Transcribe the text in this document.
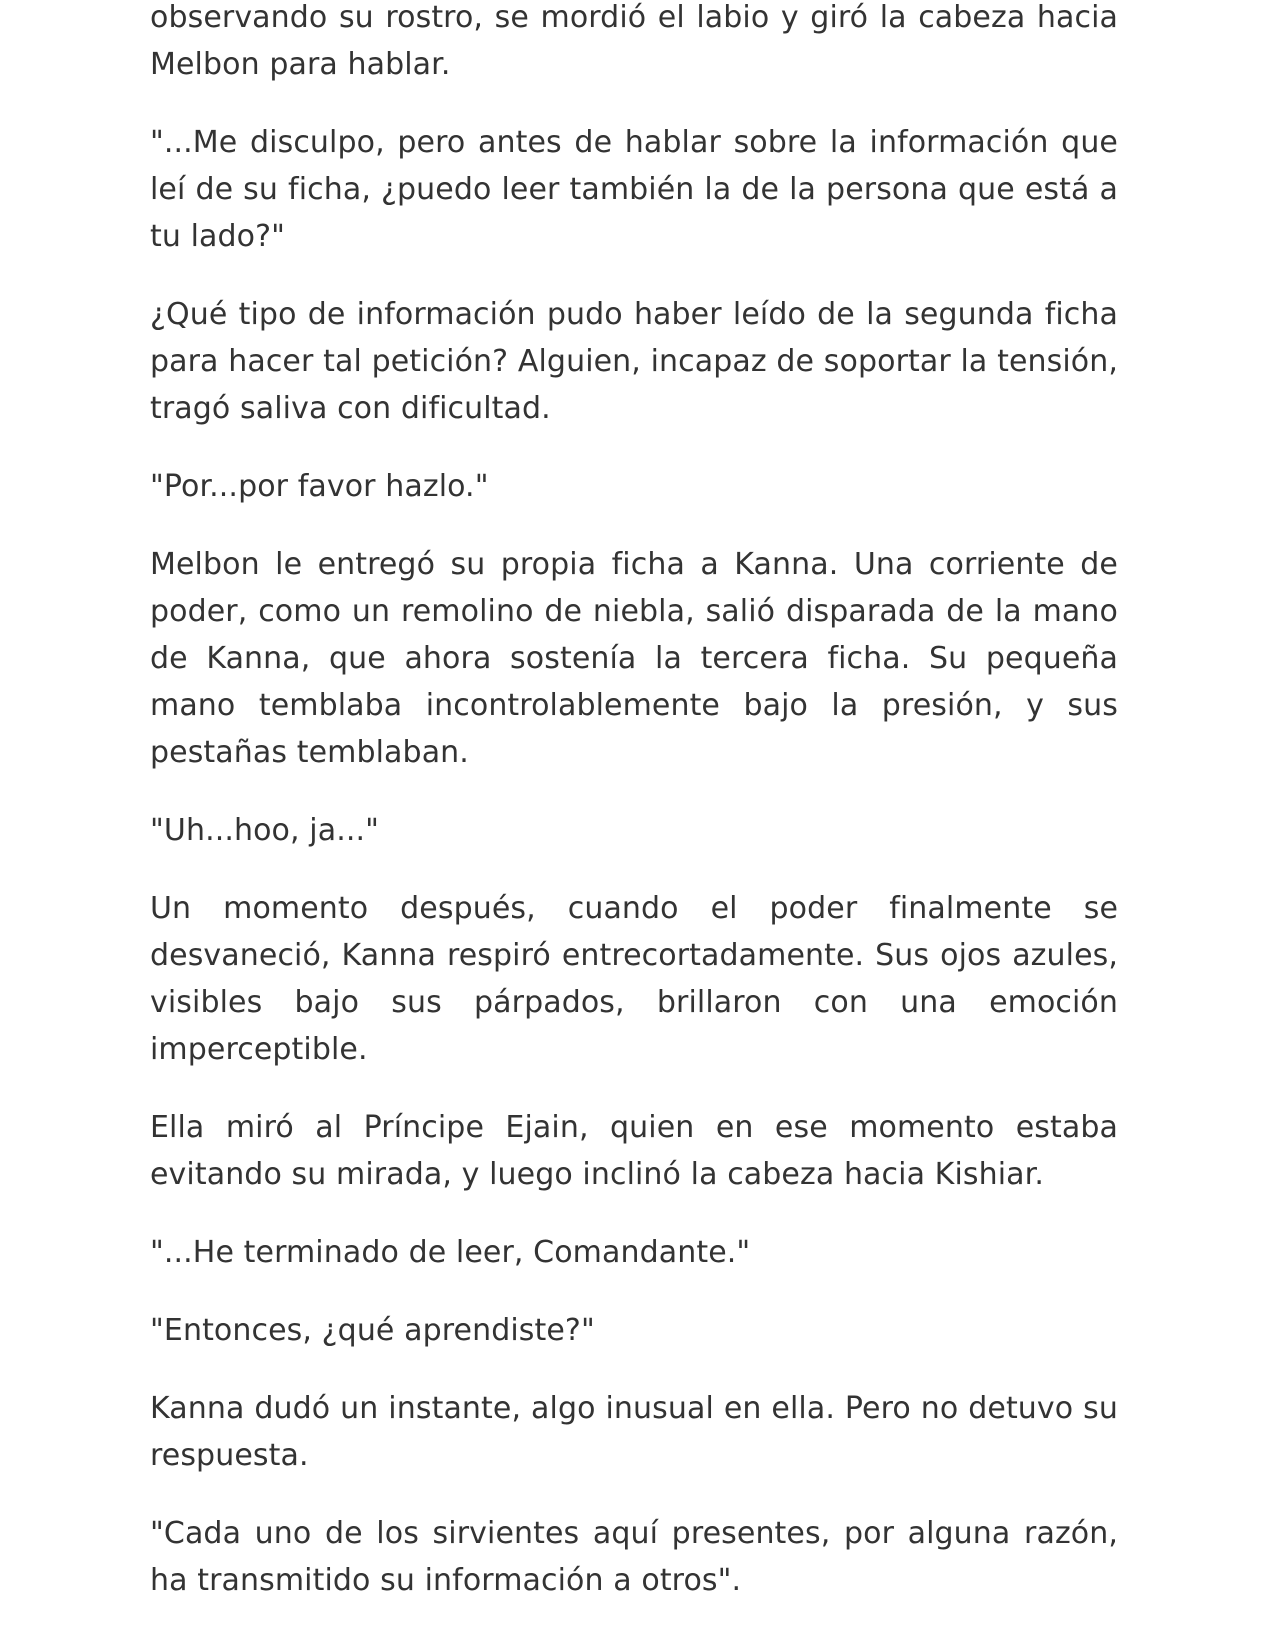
observando su rostro, se mordió el labio y giró la cabeza hacia Melbon para hablar.

"...Me disculpo, pero antes de hablar sobre la información que leí de su ficha, ¿puedo leer también la de la persona que está a tu lado?"

¿Qué tipo de información pudo haber leído de la segunda ficha para hacer tal petición? Alguien, incapaz de soportar la tensión, tragó saliva con dificultad.

"Por...por favor hazlo."

Melbon le entregó su propia ficha a Kanna. Una corriente de poder, como un remolino de niebla, salió disparada de la mano de Kanna, que ahora sostenía la tercera ficha. Su pequeña mano temblaba incontrolablemente bajo la presión, y sus pestañas temblaban.

"Uh...hoo, ja..."

Un momento después, cuando el poder finalmente se desvaneció, Kanna respiró entrecortadamente. Sus ojos azules, visibles bajo sus párpados, brillaron con una emoción imperceptible.

Ella miró al Príncipe Ejain, quien en ese momento estaba evitando su mirada, y luego inclinó la cabeza hacia Kishiar.

"...He terminado de leer, Comandante."

"Entonces, ¿qué aprendiste?"

Kanna dudó un instante, algo inusual en ella. Pero no detuvo su respuesta.

"Cada uno de los sirvientes aquí presentes, por alguna razón, ha transmitido su información a otros".
